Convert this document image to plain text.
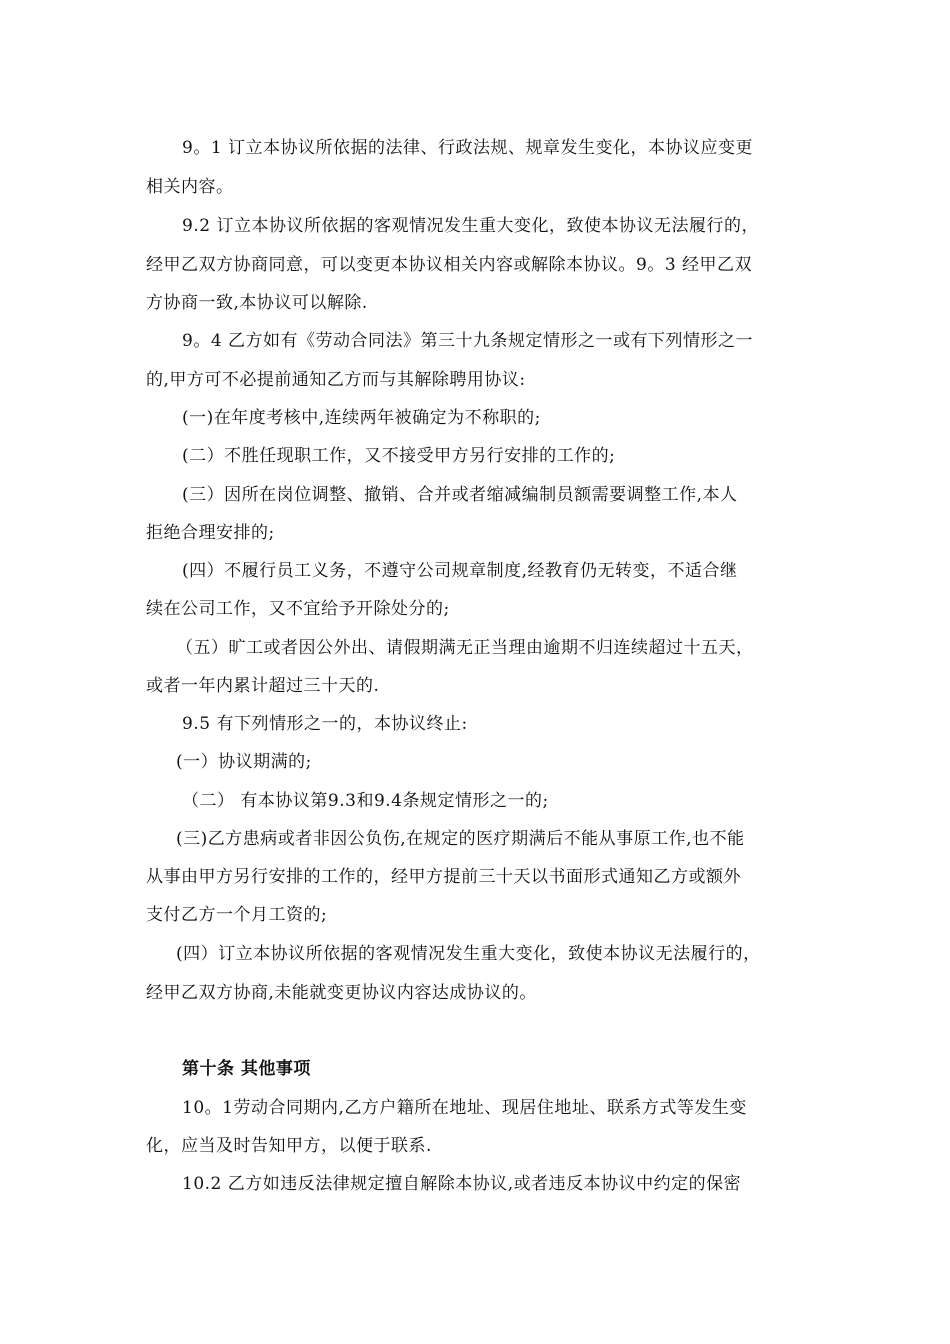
9。1 订立本协议所依据的法律、行政法规、规章发生变化，本协议应变更
相关内容。
9.2 订立本协议所依据的客观情况发生重大变化，致使本协议无法履行的，
经甲乙双方协商同意，可以变更本协议相关内容或解除本协议。9。3 经甲乙双
方协商一致,本协议可以解除.
9。4 乙方如有《劳动合同法》第三十九条规定情形之一或有下列情形之一
的,甲方可不必提前通知乙方而与其解除聘用协议:
(一)在年度考核中,连续两年被确定为不称职的;
(二）不胜任现职工作，又不接受甲方另行安排的工作的;
(三）因所在岗位调整、撤销、合并或者缩减编制员额需要调整工作,本人
拒绝合理安排的;
(四）不履行员工义务，不遵守公司规章制度,经教育仍无转变，不适合继
续在公司工作，又不宜给予开除处分的;
（五）旷工或者因公外出、请假期满无正当理由逾期不归连续超过十五天，
或者一年内累计超过三十天的.
9.5 有下列情形之一的，本协议终止:
(一）协议期满的;
（二） 有本协议第9.3和9.4条规定情形之一的;
(三)乙方患病或者非因公负伤,在规定的医疗期满后不能从事原工作,也不能
从事由甲方另行安排的工作的，经甲方提前三十天以书面形式通知乙方或额外
支付乙方一个月工资的;
(四）订立本协议所依据的客观情况发生重大变化，致使本协议无法履行的，
经甲乙双方协商,未能就变更协议内容达成协议的。
第十条 其他事项
10。1劳动合同期内,乙方户籍所在地址、现居住地址、联系方式等发生变
化，应当及时告知甲方，以便于联系.
10.2 乙方如违反法律规定擅自解除本协议,或者违反本协议中约定的保密
